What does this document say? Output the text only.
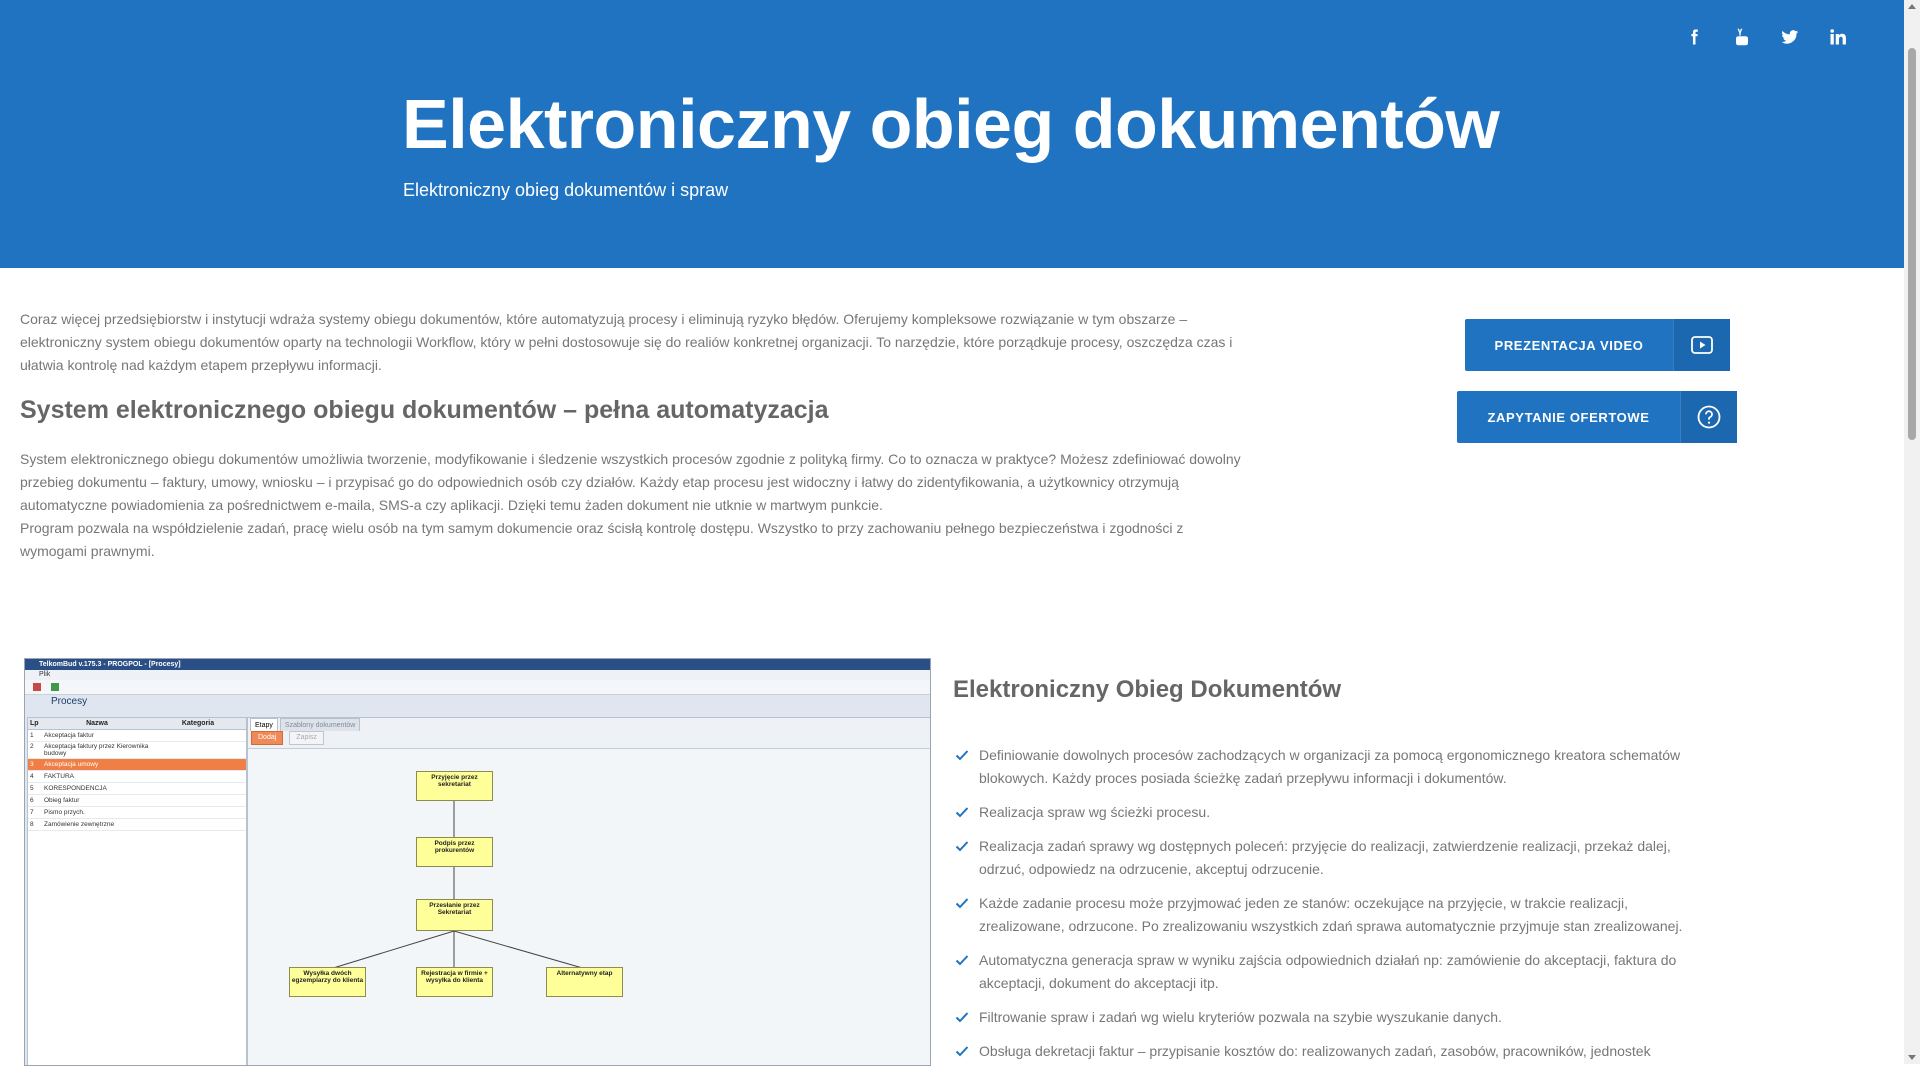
Elektroniczny obieg dokumentów
Elektroniczny obieg dokumentów i spraw

Coraz więcej przedsiębiorstw i instytucji wdraża systemy obiegu dokumentów, które automatyzują procesy i eliminują ryzyko błędów. Oferujemy kompleksowe rozwiązanie w tym obszarze – elektroniczny system obiegu dokumentów oparty na technologii Workflow, który w pełni dostosowuje się do realiów konkretnej organizacji. To narzędzie, które porządkuje procesy, oszczędza czas i ułatwia kontrolę nad każdym etapem przepływu informacji.

System elektronicznego obiegu dokumentów – pełna automatyzacja
System elektronicznego obiegu dokumentów umożliwia tworzenie, modyfikowanie i śledzenie wszystkich procesów zgodnie z polityką firmy. Co to oznacza w praktyce? Możesz zdefiniować dowolny przebieg dokumentu – faktury, umowy, wniosku – i przypisać go do odpowiednich osób czy działów. Każdy etap procesu jest widoczny i łatwy do zidentyfikowania, a użytkownicy otrzymują automatyczne powiadomienia za pośrednictwem e-maila, SMS-a czy aplikacji. Dzięki temu żaden dokument nie utknie w martwym punkcie.
Program pozwala na współdzielenie zadań, pracę wielu osób na tym samym dokumencie oraz ścisłą kontrolę dostępu. Wszystko to przy zachowaniu pełnego bezpieczeństwa i zgodności z wymogami prawnymi.
PREZENTACJA VIDEO
ZAPYTANIE OFERTOWE
TelkomBud v.175.3 - PROGPOL - [Procesy]
Plik
Procesy
Lp	Nazwa	Kategoria
1	Akceptacja faktur
2	Akceptacja faktury przez Kierownika budowy
3	Akceptacja umowy
4	FAKTURA
5	KORESPONDENCJA
6	Obieg faktur
7	Pismo przych.
8	Zamówienie zewnętrzne
Etapy	Szablony dokumentów
Dodaj	Zapisz
Przyjęcie przez sekretariat
Podpis przez prokurentów
Przesłanie przez Sekretariat
Wysyłka dwóch egzemplarzy do klienta
Rejestracja w firmie + wysyłka do klienta
Alternatywny etap
Elektroniczny Obieg Dokumentów
Definiowanie dowolnych procesów zachodzących w organizacji za pomocą ergonomicznego kreatora schematów blokowych. Każdy proces posiada ścieżkę zadań przepływu informacji i dokumentów.
Realizacja spraw wg ścieżki procesu.
Realizacja zadań sprawy wg dostępnych poleceń: przyjęcie do realizacji, zatwierdzenie realizacji, przekaż dalej, odrzuć, odpowiedz na odrzucenie, akceptuj odrzucenie.
Każde zadanie procesu może przyjmować jeden ze stanów: oczekujące na przyjęcie, w trakcie realizacji, zrealizowane, odrzucone. Po zrealizowaniu wszystkich zdań sprawa automatycznie przyjmuje stan zrealizowanej.
Automatyczna generacja spraw w wyniku zajścia odpowiednich działań np: zamówienie do akceptacji, faktura do akceptacji, dokument do akceptacji itp.
Filtrowanie spraw i zadań wg wielu kryteriów pozwala na szybie wyszukanie danych.
Obsługa dekretacji faktur – przypisanie kosztów do: realizowanych zadań, zasobów, pracowników, jednostek
